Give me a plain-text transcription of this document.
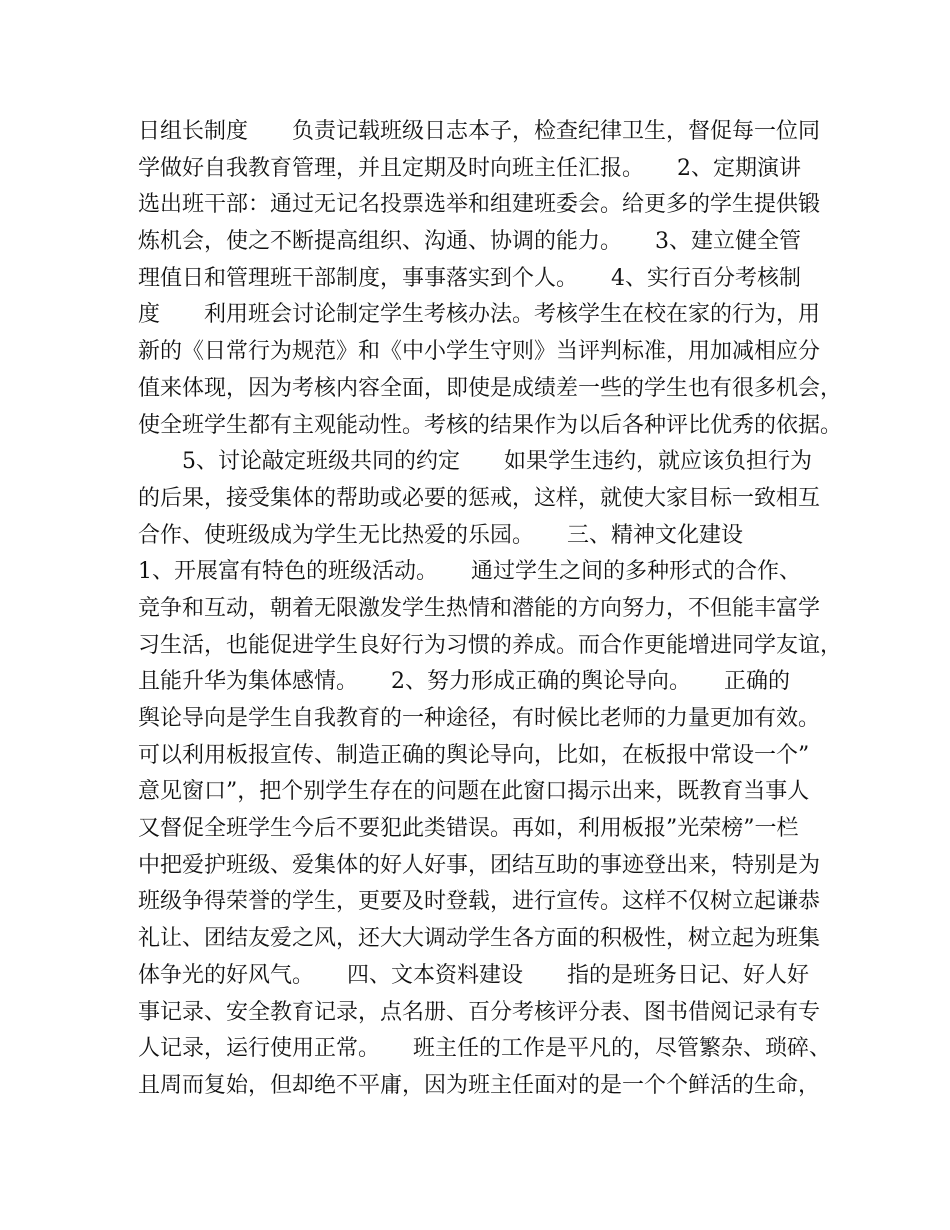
日组长制度　　负责记载班级日志本子，检查纪律卫生，督促每一位同
学做好自我教育管理，并且定期及时向班主任汇报。　　2、定期演讲
选出班干部：通过无记名投票选举和组建班委会。给更多的学生提供锻
炼机会，使之不断提高组织、沟通、协调的能力。　　3、建立健全管
理值日和管理班干部制度，事事落实到个人。　　4、实行百分考核制
度　　利用班会讨论制定学生考核办法。考核学生在校在家的行为，用
新的《日常行为规范》和《中小学生守则》当评判标准，用加减相应分
值来体现，因为考核内容全面，即使是成绩差一些的学生也有很多机会，
使全班学生都有主观能动性。考核的结果作为以后各种评比优秀的依据。
　　5、讨论敲定班级共同的约定　　如果学生违约，就应该负担行为
的后果，接受集体的帮助或必要的惩戒，这样，就使大家目标一致相互
合作、使班级成为学生无比热爱的乐园。　　三、精神文化建设
1、开展富有特色的班级活动。　　通过学生之间的多种形式的合作、
竞争和互动，朝着无限激发学生热情和潜能的方向努力，不但能丰富学
习生活，也能促进学生良好行为习惯的养成。而合作更能增进同学友谊，
且能升华为集体感情。　　2、努力形成正确的舆论导向。　　正确的
舆论导向是学生自我教育的一种途径，有时候比老师的力量更加有效。
可以利用板报宣传、制造正确的舆论导向，比如，在板报中常设一个”
意见窗口”，把个别学生存在的问题在此窗口揭示出来，既教育当事人
又督促全班学生今后不要犯此类错误。再如，利用板报”光荣榜”一栏
中把爱护班级、爱集体的好人好事，团结互助的事迹登出来，特别是为
班级争得荣誉的学生，更要及时登载，进行宣传。这样不仅树立起谦恭
礼让、团结友爱之风，还大大调动学生各方面的积极性，树立起为班集
体争光的好风气。　　四、文本资料建设　　指的是班务日记、好人好
事记录、安全教育记录，点名册、百分考核评分表、图书借阅记录有专
人记录，运行使用正常。　　班主任的工作是平凡的，尽管繁杂、琐碎、
且周而复始，但却绝不平庸，因为班主任面对的是一个个鲜活的生命，
